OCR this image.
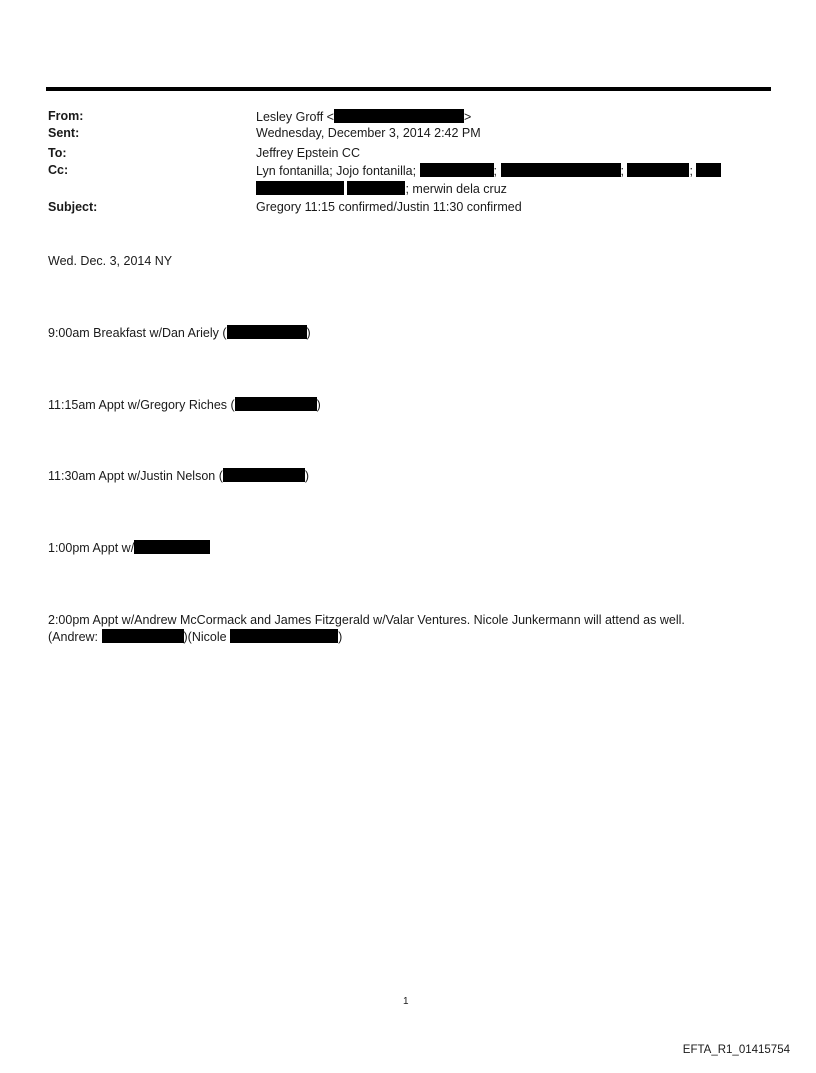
From:	Lesley Groff <	>
Sent:	Wednesday, December 3, 2014 2:42 PM
To:	Jeffrey Epstein CC
Cc:	Lyn fontanilla; Jojo fontanilla;	;	;	;
; merwin dela cruz
Subject:	Gregory 11:15 confirmed/Justin 11:30 confirmed
Wed. Dec. 3, 2014 NY
9:00am Breakfast w/Dan Ariely (	)
11:15am Appt w/Gregory Riches (	)
11:30am Appt w/Justin Nelson (	)
1:00pm Appt w/
2:00pm Appt w/Andrew McCormack and James Fitzgerald w/Valar Ventures. Nicole Junkermann will attend as well.
(Andrew:	)(Nicole	)
1
EFTA_R1_01415754
